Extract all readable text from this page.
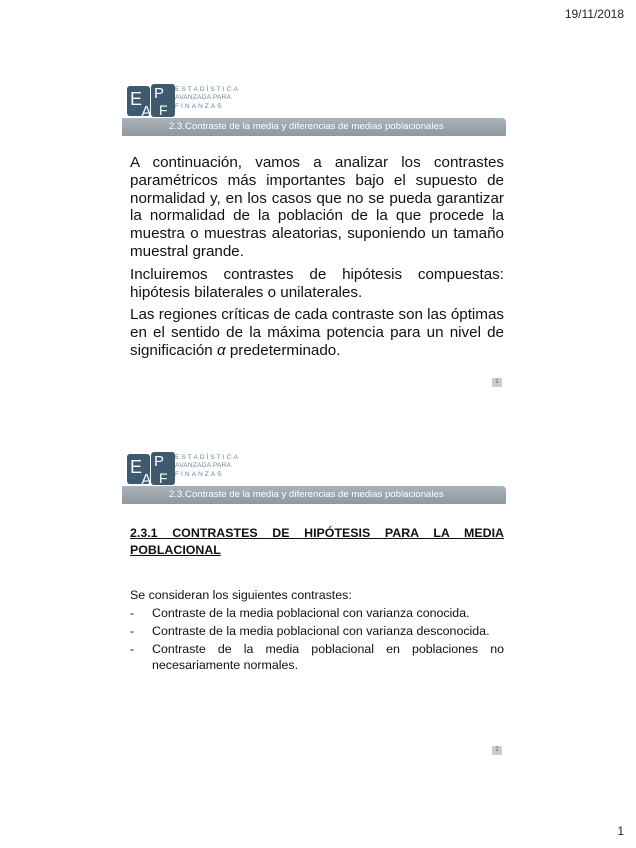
19/11/2018
E P
A F
ESTADÍSTICA
AVANZADA PARA
FINANZAS
2.3.Contraste de la media y diferencias de medias poblacionales

A continuación, vamos a analizar los contrastes paramétricos más importantes bajo el supuesto de normalidad y, en los casos que no se pueda garantizar la normalidad de la población de la que procede la muestra o muestras aleatorias, suponiendo un tamaño muestral grande.

Incluiremos contrastes de hipótesis compuestas: hipótesis bilaterales o unilaterales.

Las regiones críticas de cada contraste son las óptimas en el sentido de la máxima potencia para un nivel de significación α predeterminado.

1
E P
A F
ESTADÍSTICA
AVANZADA PARA
FINANZAS
2.3.Contraste de la media y diferencias de medias poblacionales
2.3.1 CONTRASTES DE HIPÓTESIS PARA LA MEDIA
POBLACIONAL
Se consideran los siguientes contrastes:
- Contraste de la media poblacional con varianza conocida.
- Contraste de la media poblacional con varianza desconocida.
- Contraste de la media poblacional en poblaciones no necesariamente normales.
2
1
